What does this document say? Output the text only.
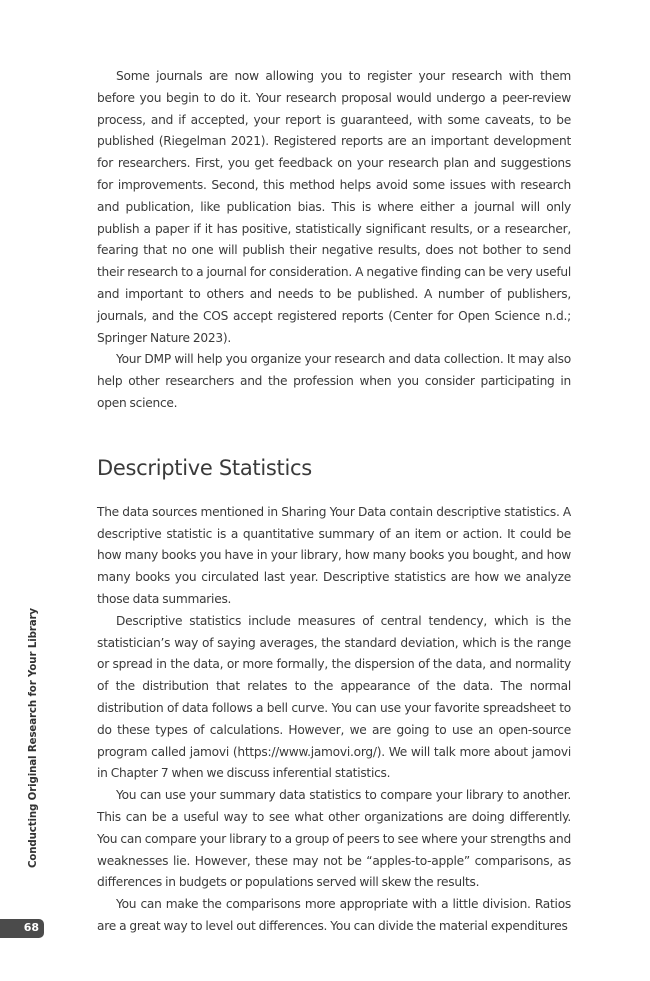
Some journals are now allowing you to register your research with them before you begin to do it. Your research proposal would undergo a peer-review process, and if accepted, your report is guaranteed, with some caveats, to be published (Riegelman 2021). Registered reports are an important development for researchers. First, you get feedback on your research plan and suggestions for improvements. Second, this method helps avoid some issues with research and publication, like publication bias. This is where either a journal will only publish a paper if it has positive, statistically significant results, or a researcher, fearing that no one will publish their negative results, does not bother to send their research to a journal for consideration. A negative finding can be very useful and important to others and needs to be published. A number of publishers, journals, and the COS accept registered reports (Center for Open Science n.d.; Springer Nature 2023).

Your DMP will help you organize your research and data collection. It may also help other researchers and the profession when you consider participating in open science.

Descriptive Statistics

The data sources mentioned in Sharing Your Data contain descriptive statistics. A descriptive statistic is a quantitative summary of an item or action. It could be how many books you have in your library, how many books you bought, and how many books you circulated last year. Descriptive statistics are how we analyze those data summaries.

Descriptive statistics include measures of central tendency, which is the statistician’s way of saying averages, the standard deviation, which is the range or spread in the data, or more formally, the dispersion of the data, and normality of the distribution that relates to the appearance of the data. The normal distribution of data follows a bell curve. You can use your favorite spreadsheet to do these types of calculations. However, we are going to use an open-source program called jamovi (https://www.jamovi.org/). We will talk more about jamovi in Chapter 7 when we discuss inferential statistics.

You can use your summary data statistics to compare your library to another. This can be a useful way to see what other organizations are doing differently. You can compare your library to a group of peers to see where your strengths and weaknesses lie. However, these may not be “apples-to-apple” comparisons, as differences in budgets or populations served will skew the results.

You can make the comparisons more appropriate with a little division. Ratios are a great way to level out differences. You can divide the material expenditures

Conducting Original Research for Your Library
68
